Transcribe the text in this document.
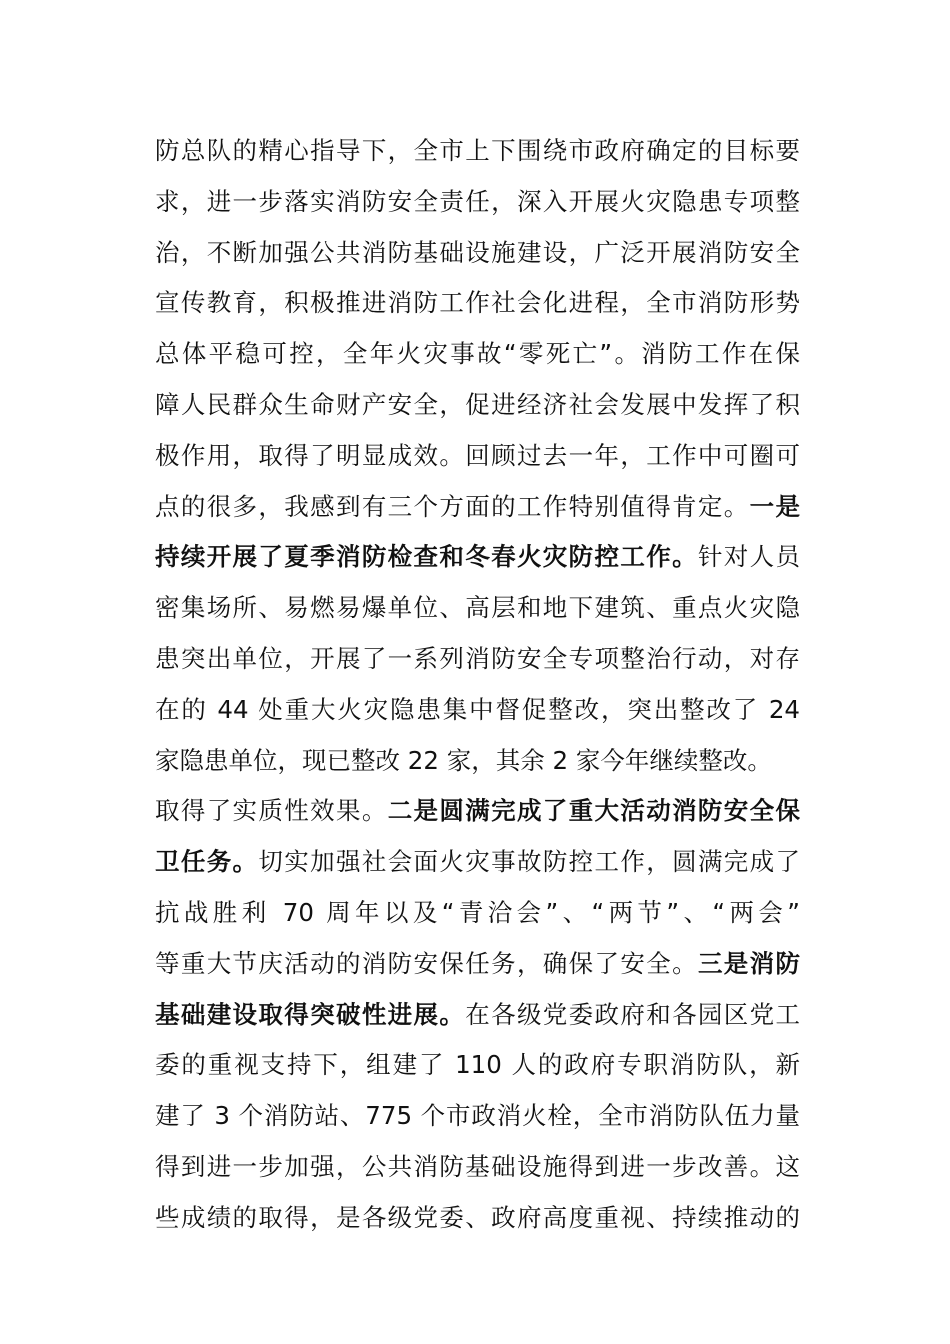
防总队的精心指导下，全市上下围绕市政府确定的目标要
求，进一步落实消防安全责任，深入开展火灾隐患专项整
治，不断加强公共消防基础设施建设，广泛开展消防安全
宣传教育，积极推进消防工作社会化进程，全市消防形势
总体平稳可控，全年火灾事故“零死亡”。消防工作在保
障人民群众生命财产安全，促进经济社会发展中发挥了积
极作用，取得了明显成效。回顾过去一年，工作中可圈可
点的很多，我感到有三个方面的工作特别值得肯定。一是
持续开展了夏季消防检查和冬春火灾防控工作。针对人员
密集场所、易燃易爆单位、高层和地下建筑、重点火灾隐
患突出单位，开展了一系列消防安全专项整治行动，对存
在的 44 处重大火灾隐患集中督促整改，突出整改了 24
家隐患单位，现已整改 22 家，其余 2 家今年继续整改。
取得了实质性效果。二是圆满完成了重大活动消防安全保
卫任务。切实加强社会面火灾事故防控工作，圆满完成了
抗战胜利 70 周年以及“青洽会”、“两节”、“两会”
等重大节庆活动的消防安保任务，确保了安全。三是消防
基础建设取得突破性进展。在各级党委政府和各园区党工
委的重视支持下，组建了 110 人的政府专职消防队，新
建了 3 个消防站、775 个市政消火栓，全市消防队伍力量
得到进一步加强，公共消防基础设施得到进一步改善。这
些成绩的取得，是各级党委、政府高度重视、持续推动的
